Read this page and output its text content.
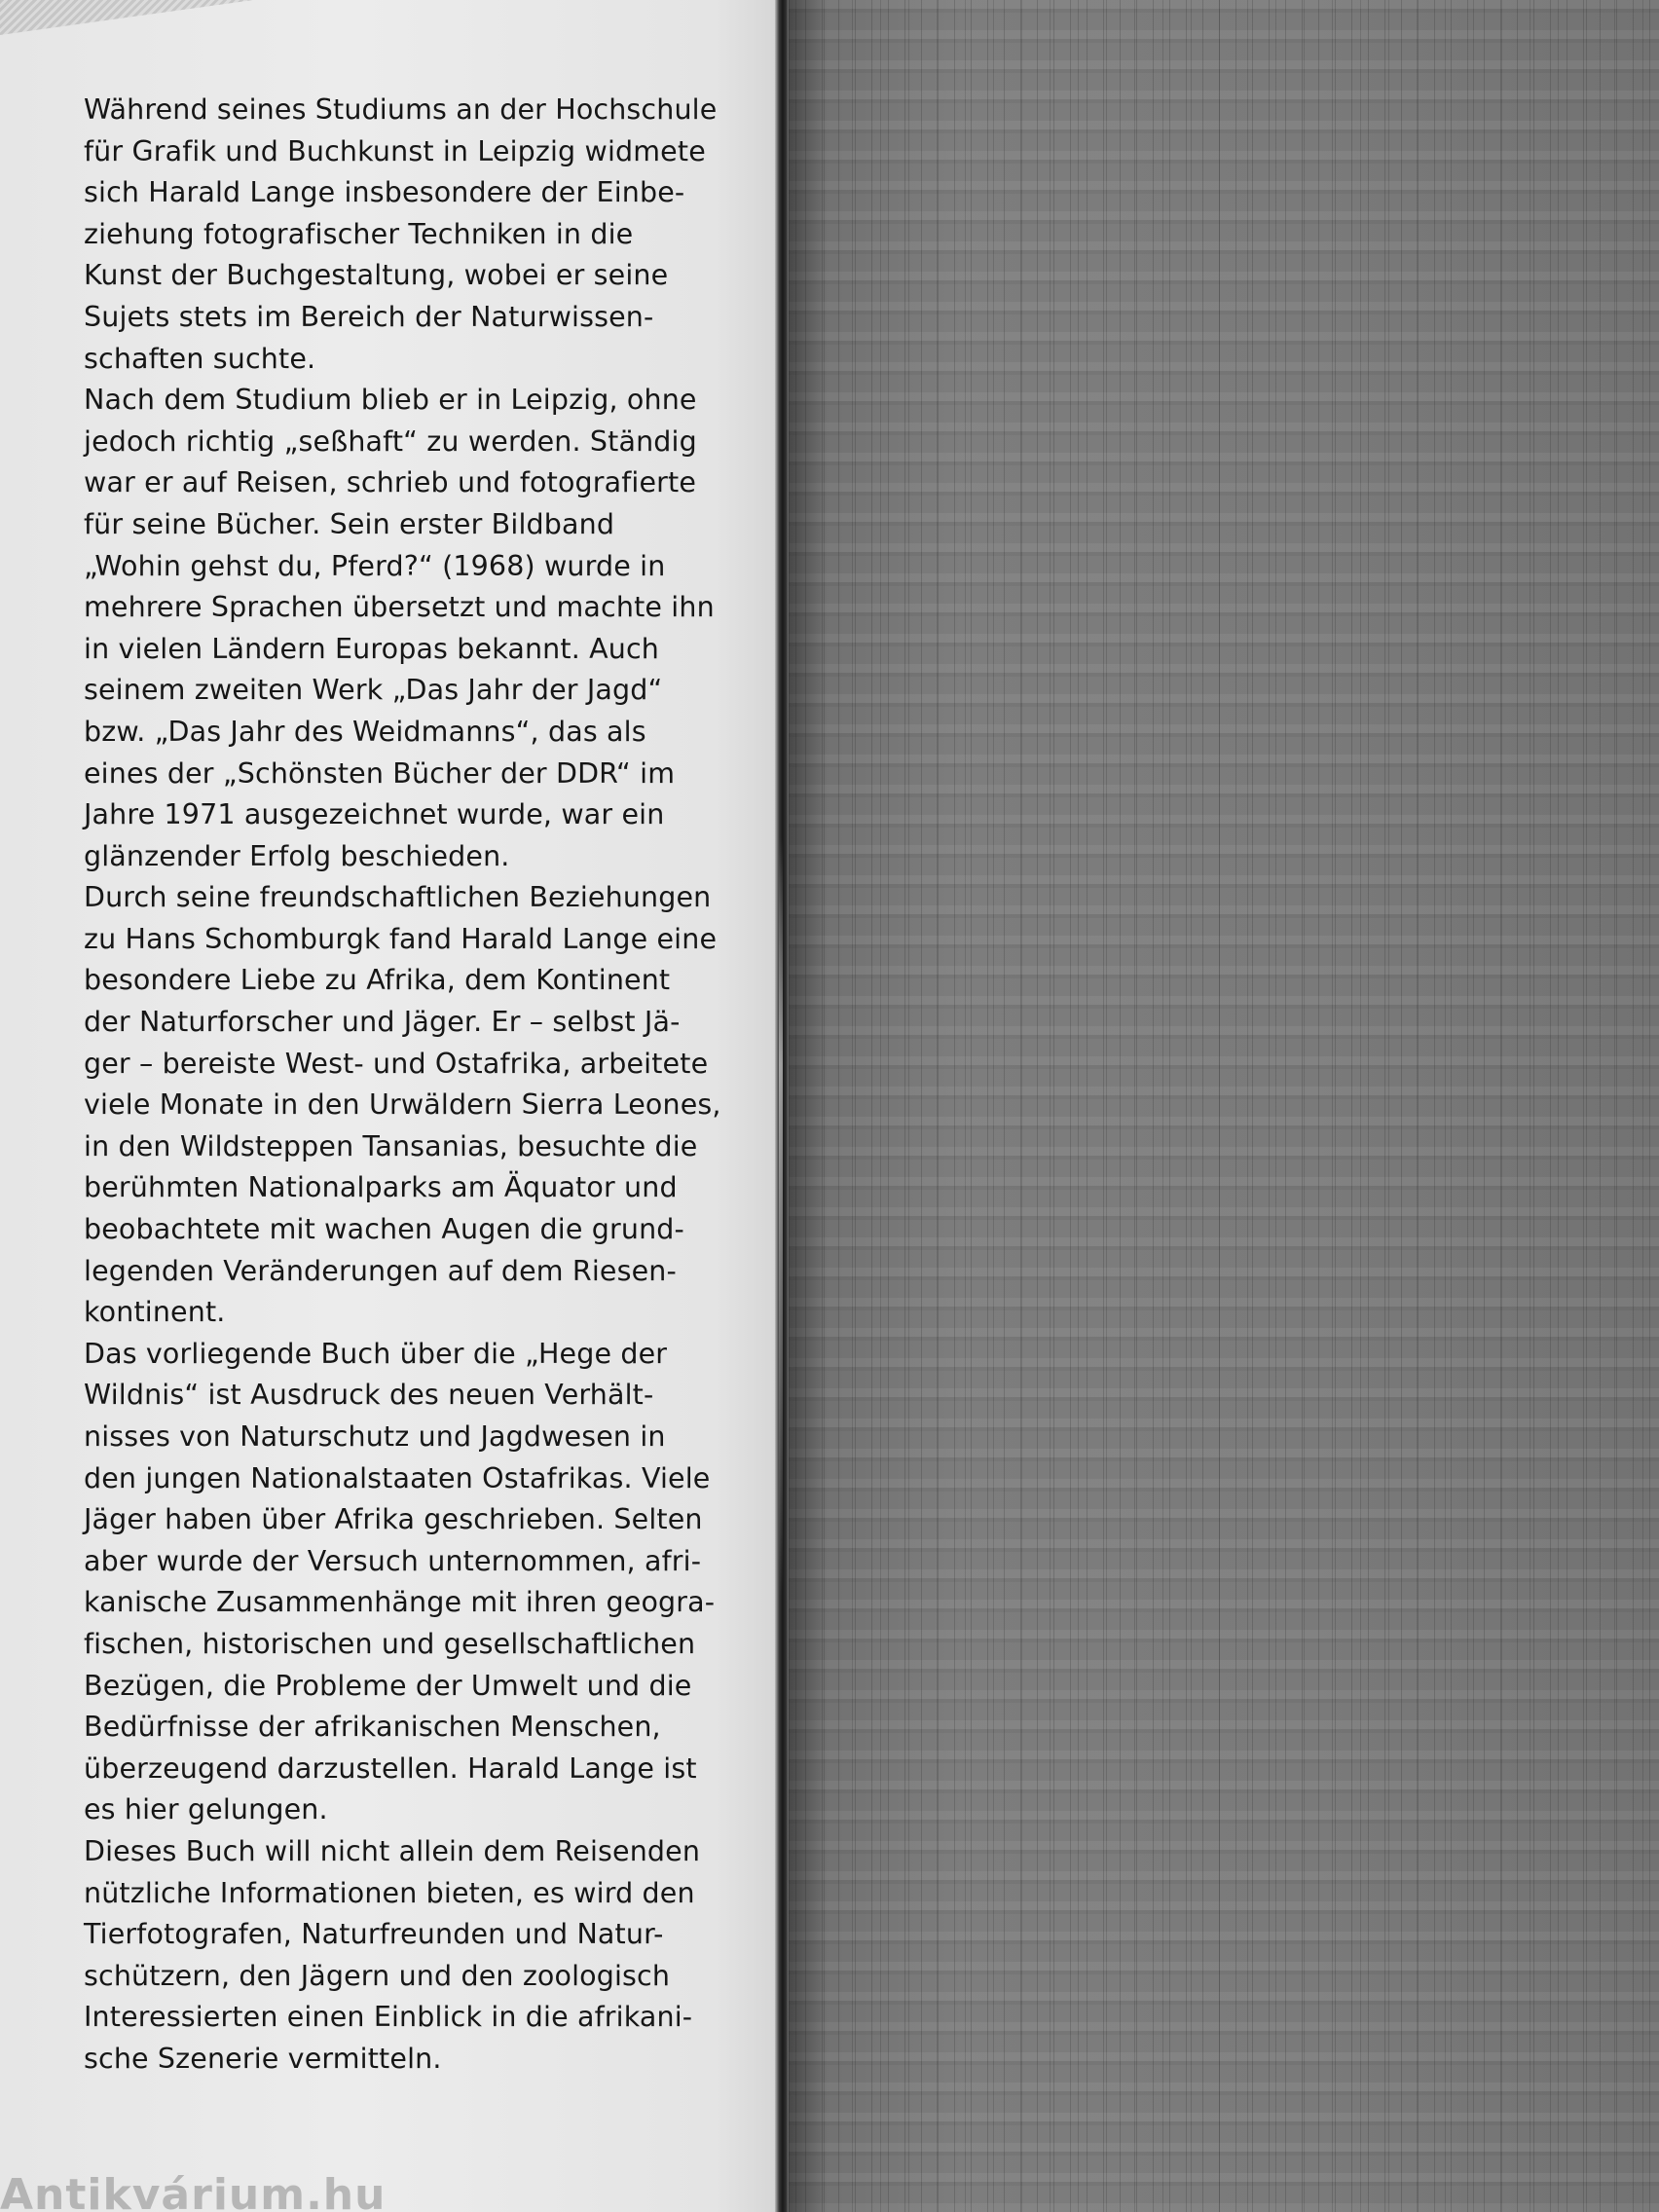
Während seines Studiums an der Hochschule
für Grafik und Buchkunst in Leipzig widmete
sich Harald Lange insbesondere der Einbe-
ziehung fotografischer Techniken in die
Kunst der Buchgestaltung, wobei er seine
Sujets stets im Bereich der Naturwissen-
schaften suchte.
Nach dem Studium blieb er in Leipzig, ohne
jedoch richtig „seßhaft“ zu werden. Ständig
war er auf Reisen, schrieb und fotografierte
für seine Bücher. Sein erster Bildband
„Wohin gehst du, Pferd?“ (1968) wurde in
mehrere Sprachen übersetzt und machte ihn
in vielen Ländern Europas bekannt. Auch
seinem zweiten Werk „Das Jahr der Jagd“
bzw. „Das Jahr des Weidmanns“, das als
eines der „Schönsten Bücher der DDR“ im
Jahre 1971 ausgezeichnet wurde, war ein
glänzender Erfolg beschieden.
Durch seine freundschaftlichen Beziehungen
zu Hans Schomburgk fand Harald Lange eine
besondere Liebe zu Afrika, dem Kontinent
der Naturforscher und Jäger. Er – selbst Jä-
ger – bereiste West- und Ostafrika, arbeitete
viele Monate in den Urwäldern Sierra Leones,
in den Wildsteppen Tansanias, besuchte die
berühmten Nationalparks am Äquator und
beobachtete mit wachen Augen die grund-
legenden Veränderungen auf dem Riesen-
kontinent.
Das vorliegende Buch über die „Hege der
Wildnis“ ist Ausdruck des neuen Verhält-
nisses von Naturschutz und Jagdwesen in
den jungen Nationalstaaten Ostafrikas. Viele
Jäger haben über Afrika geschrieben. Selten
aber wurde der Versuch unternommen, afri-
kanische Zusammenhänge mit ihren geogra-
fischen, historischen und gesellschaftlichen
Bezügen, die Probleme der Umwelt und die
Bedürfnisse der afrikanischen Menschen,
überzeugend darzustellen. Harald Lange ist
es hier gelungen.
Dieses Buch will nicht allein dem Reisenden
nützliche Informationen bieten, es wird den
Tierfotografen, Naturfreunden und Natur-
schützern, den Jägern und den zoologisch
Interessierten einen Einblick in die afrikani-
sche Szenerie vermitteln.
Antikvárium.hu
